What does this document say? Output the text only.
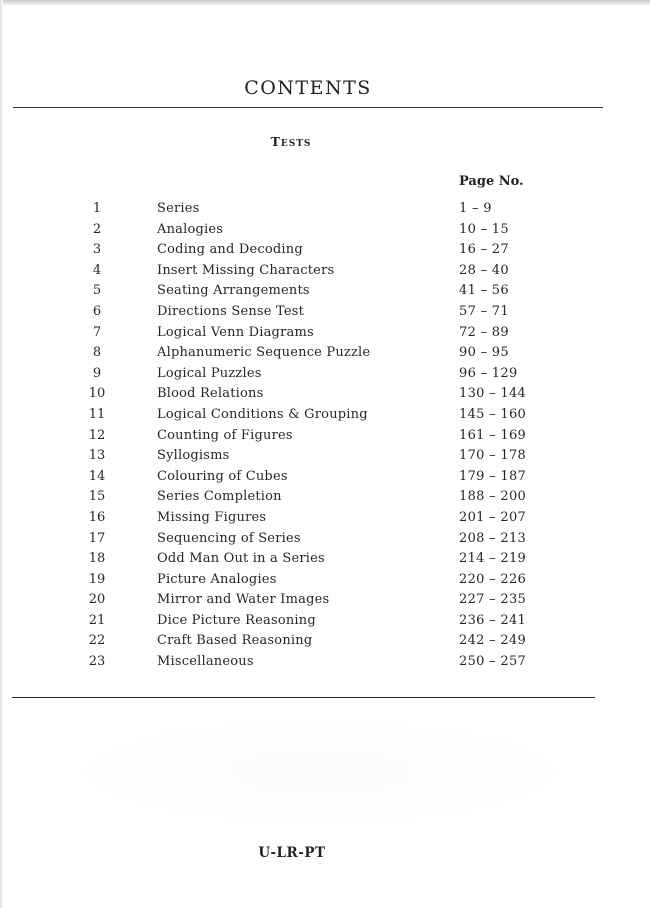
CONTENTS
Tests
Page No.
1	Series	1 – 9
2	Analogies	10 – 15
3	Coding and Decoding	16 – 27
4	Insert Missing Characters	28 – 40
5	Seating Arrangements	41 – 56
6	Directions Sense Test	57 – 71
7	Logical Venn Diagrams	72 – 89
8	Alphanumeric Sequence Puzzle	90 – 95
9	Logical Puzzles	96 – 129
10	Blood Relations	130 – 144
11	Logical Conditions & Grouping	145 – 160
12	Counting of Figures	161 – 169
13	Syllogisms	170 – 178
14	Colouring of Cubes	179 – 187
15	Series Completion	188 – 200
16	Missing Figures	201 – 207
17	Sequencing of Series	208 – 213
18	Odd Man Out in a Series	214 – 219
19	Picture Analogies	220 – 226
20	Mirror and Water Images	227 – 235
21	Dice Picture Reasoning	236 – 241
22	Craft Based Reasoning	242 – 249
23	Miscellaneous	250 – 257
U-LR-PT
